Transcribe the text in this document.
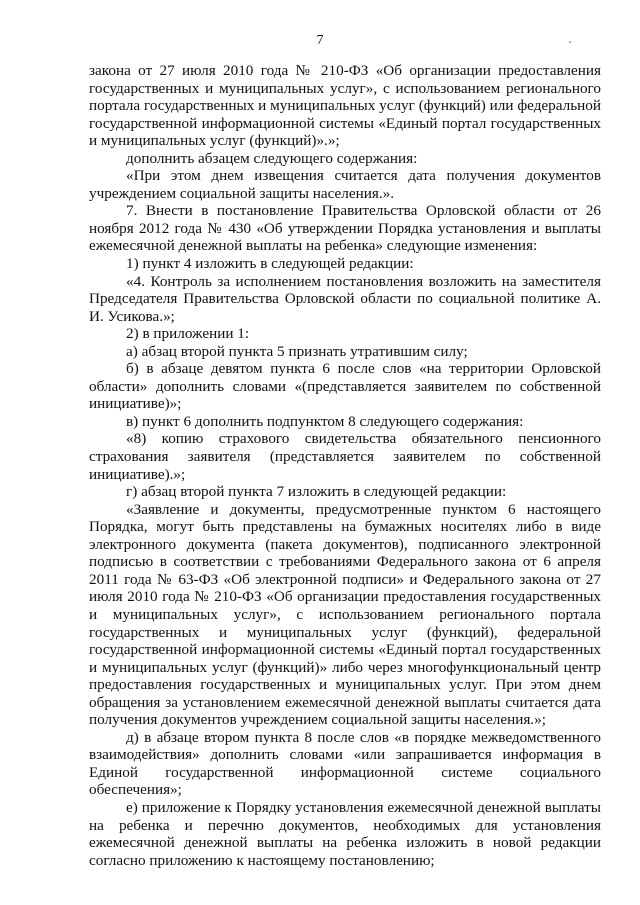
7

закона от 27 июля 2010 года № 210-ФЗ «Об организации предоставления государственных и муниципальных услуг», с использованием регионального портала государственных и муниципальных услуг (функций) или федеральной государственной информационной системы «Единый портал государственных и муниципальных услуг (функций)».»;

дополнить абзацем следующего содержания:

«При этом днем извещения считается дата получения документов учреждением социальной защиты населения.».

7. Внести в постановление Правительства Орловской области от 26 ноября 2012 года № 430 «Об утверждении Порядка установления и выплаты ежемесячной денежной выплаты на ребенка» следующие изменения:

1) пункт 4 изложить в следующей редакции:

«4. Контроль за исполнением постановления возложить на заместителя Председателя Правительства Орловской области по социальной политике А. И. Усикова.»;

2) в приложении 1:

а) абзац второй пункта 5 признать утратившим силу;

б) в абзаце девятом пункта 6 после слов «на территории Орловской области» дополнить словами «(представляется заявителем по собственной инициативе)»;

в) пункт 6 дополнить подпунктом 8 следующего содержания:

«8) копию страхового свидетельства обязательного пенсионного страхования заявителя (представляется заявителем по собственной инициативе).»;

г) абзац второй пункта 7 изложить в следующей редакции:

«Заявление и документы, предусмотренные пунктом 6 настоящего Порядка, могут быть представлены на бумажных носителях либо в виде электронного документа (пакета документов), подписанного электронной подписью в соответствии с требованиями Федерального закона от 6 апреля 2011 года № 63-ФЗ «Об электронной подписи» и Федерального закона от 27 июля 2010 года № 210-ФЗ «Об организации предоставления государственных и муниципальных услуг», с использованием регионального портала государственных и муниципальных услуг (функций), федеральной государственной информационной системы «Единый портал государственных и муниципальных услуг (функций)» либо через многофункциональный центр предоставления государственных и муниципальных услуг. При этом днем обращения за установлением ежемесячной денежной выплаты считается дата получения документов учреждением социальной защиты населения.»;

д) в абзаце втором пункта 8 после слов «в порядке межведомственного взаимодействия» дополнить словами «или запрашивается информация в Единой государственной информационной системе социального обеспечения»;

е) приложение к Порядку установления ежемесячной денежной выплаты на ребенка и перечню документов, необходимых для установления ежемесячной денежной выплаты на ребенка изложить в новой редакции согласно приложению к настоящему постановлению;
